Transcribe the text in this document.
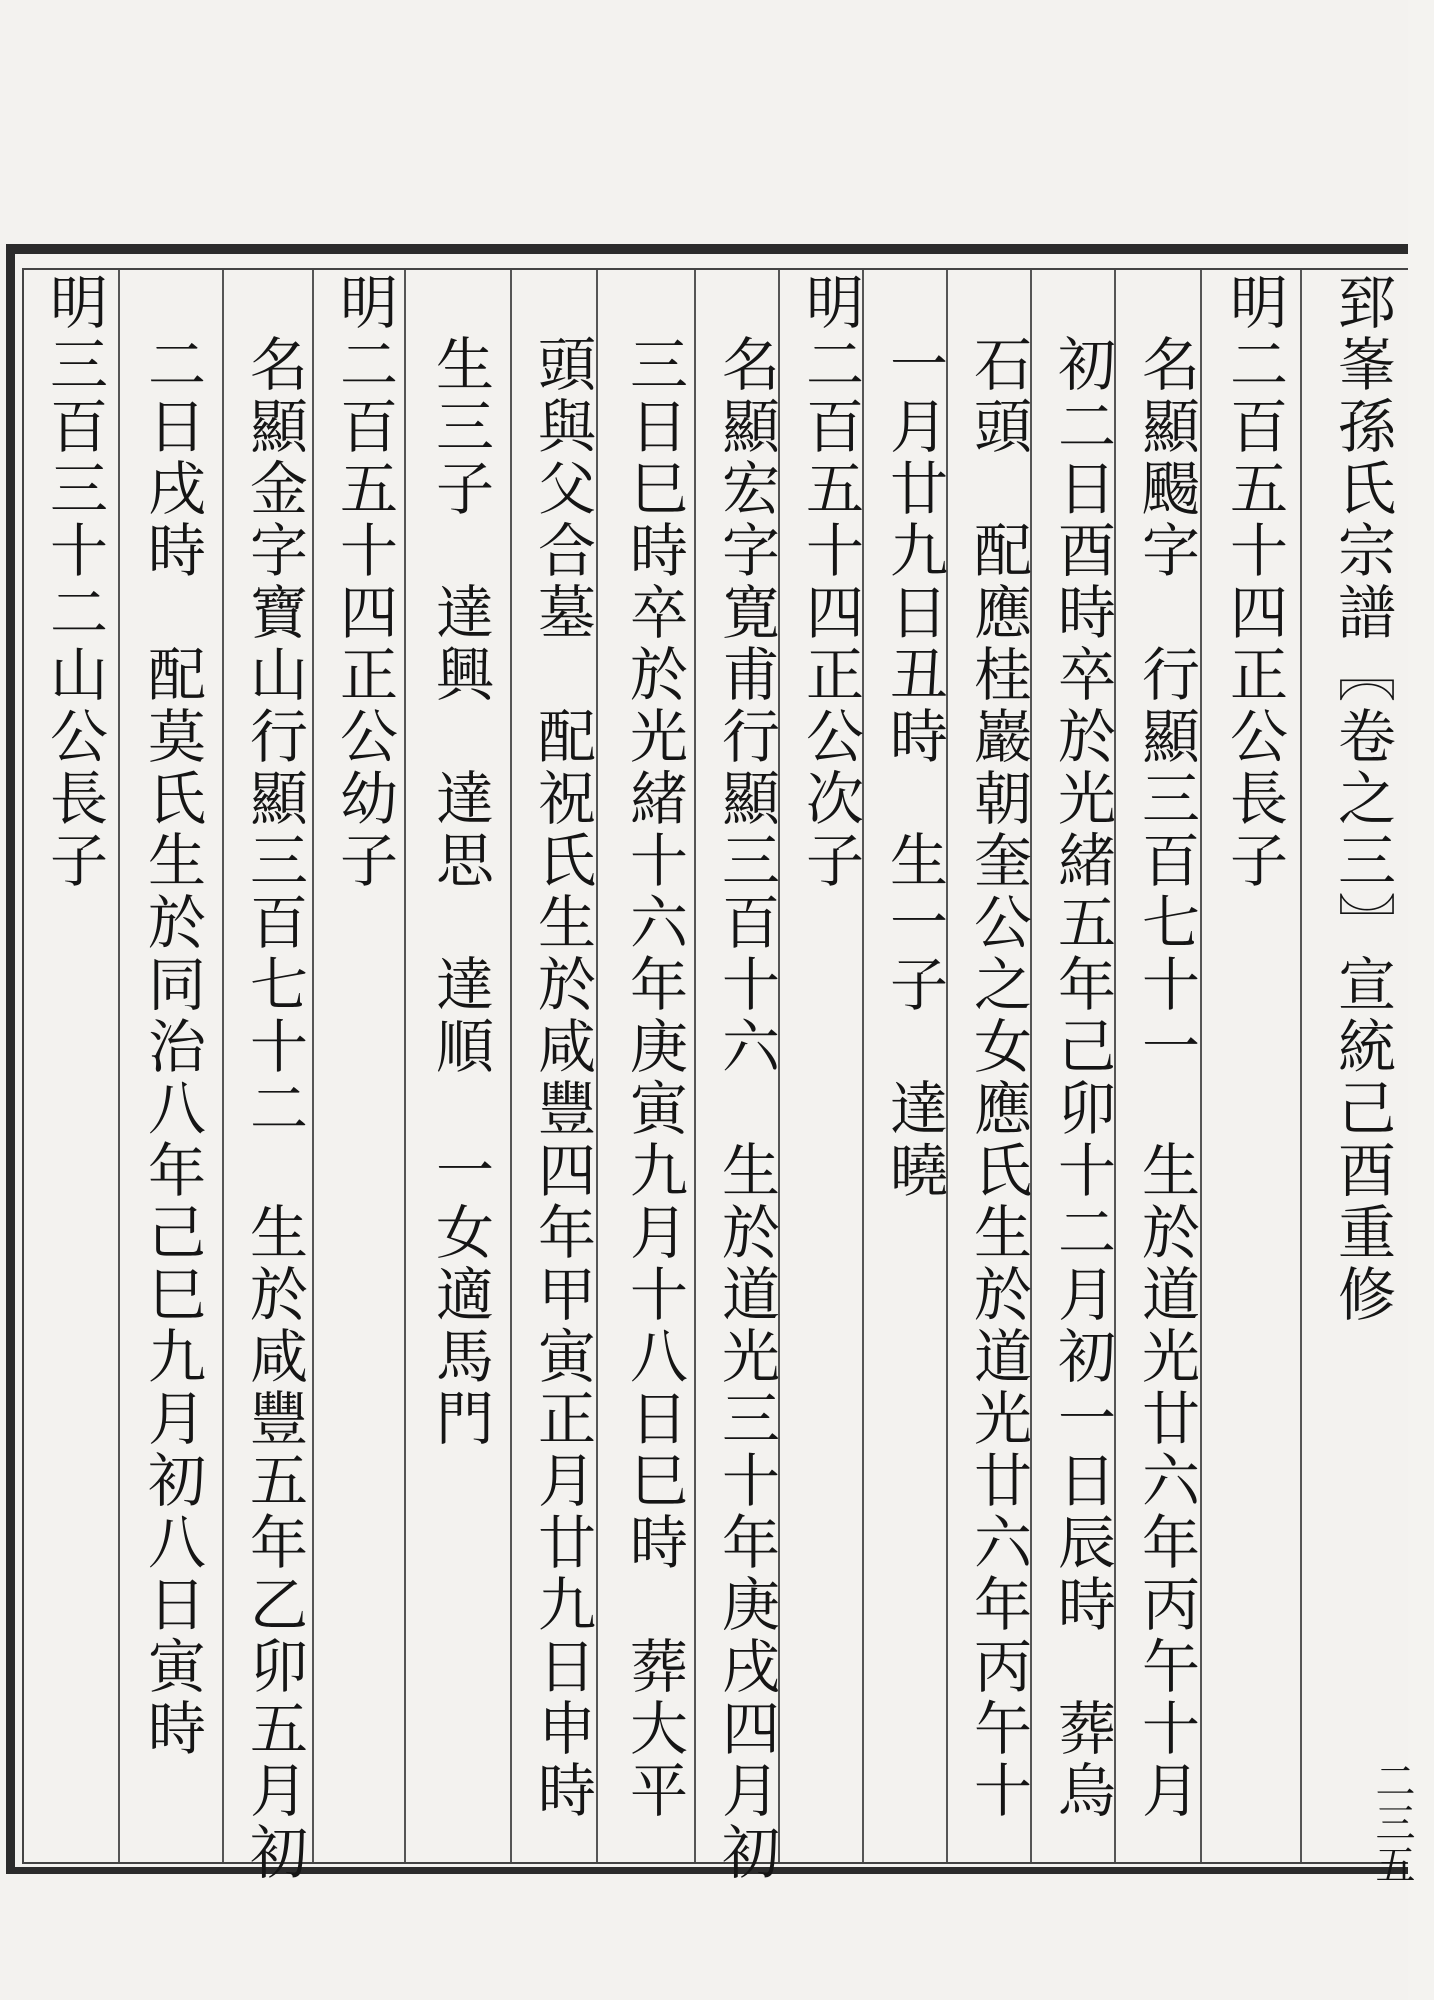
郅峯孫氏宗譜〖卷之三〗宣統己酉重修
二三五
明二百五十四正公長子
　名顯颺字　行顯三百七十一　生於道光廿六年丙午十月
　初二日酉時卒於光緒五年己卯十二月初一日辰時　葬烏
　石頭　配應桂巖朝奎公之女應氏生於道光廿六年丙午十
　一月廿九日丑時　生一子　達曉
明二百五十四正公次子
　名顯宏字寛甫行顯三百十六　生於道光三十年庚戌四月初
　三日巳時卒於光緒十六年庚寅九月十八日巳時　葬大平
　頭與父合墓　配祝氏生於咸豐四年甲寅正月廿九日申時
　生三子　達興　達思　達順　一女適馬門
明二百五十四正公幼子
　名顯金字寶山行顯三百七十二　生於咸豐五年乙卯五月初
　二日戌時　配莫氏生於同治八年己巳九月初八日寅時
明三百三十二山公長子
